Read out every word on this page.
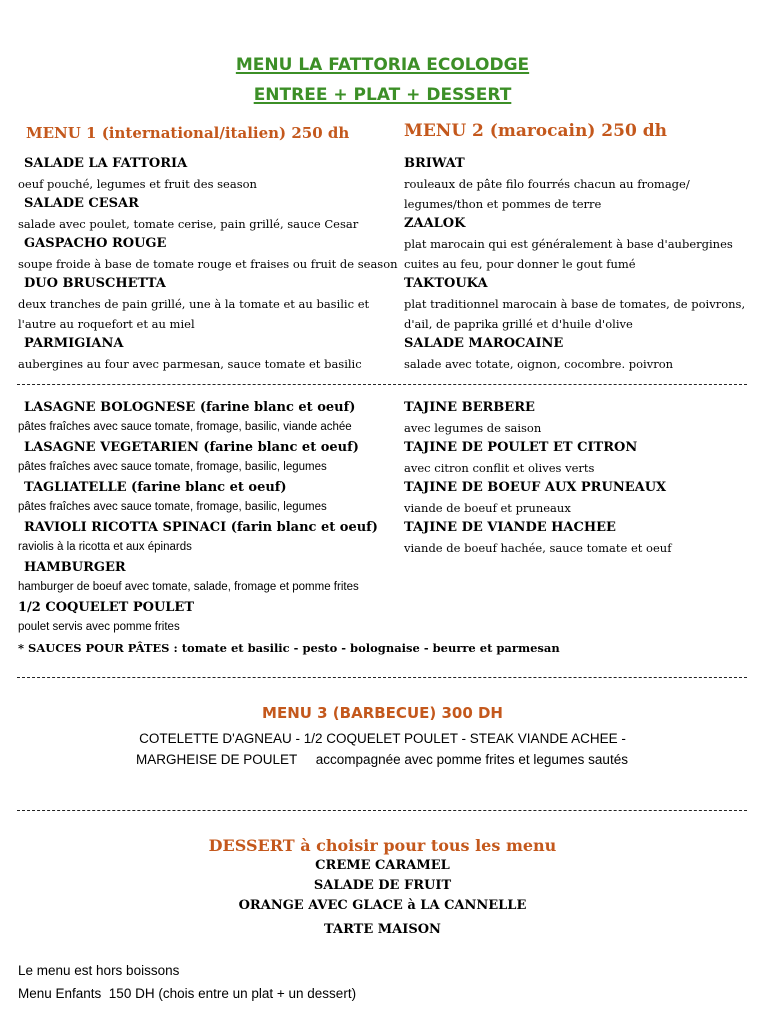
MENU LA FATTORIA ECOLODGE
ENTREE + PLAT + DESSERT
MENU 1 (international/italien) 250 dh	MENU 2 (marocain) 250 dh
SALADE LA FATTORIA
oeuf pouché, legumes et fruit des season
SALADE CESAR
salade avec poulet, tomate cerise, pain grillé, sauce Cesar
GASPACHO ROUGE
soupe froide à base de tomate rouge et fraises ou fruit de season
DUO BRUSCHETTA
deux tranches de pain grillé, une à la tomate et au basilic et
l'autre au roquefort et au miel
PARMIGIANA
aubergines au four avec parmesan, sauce tomate et basilic
BRIWAT
rouleaux de pâte filo fourrés chacun au fromage/
legumes/thon et pommes de terre
ZAALOK
plat marocain qui est généralement à base d'aubergines
cuites au feu, pour donner le gout fumé
TAKTOUKA
plat traditionnel marocain à base de tomates, de poivrons,
d'ail, de paprika grillé et d'huile d'olive
SALADE MAROCAINE
salade avec totate, oignon, cocombre. poivron
LASAGNE BOLOGNESE (farine blanc et oeuf)
pâtes fraîches avec sauce tomate, fromage, basilic, viande achée
LASAGNE VEGETARIEN (farine blanc et oeuf)
pâtes fraîches avec sauce tomate, fromage, basilic, legumes
TAGLIATELLE (farine blanc et oeuf)
pâtes fraîches avec sauce tomate, fromage, basilic, legumes
RAVIOLI RICOTTA SPINACI (farin blanc et oeuf)
raviolis à la ricotta et aux épinards
HAMBURGER
hamburger de boeuf avec tomate, salade, fromage et pomme frites
1/2 COQUELET POULET
poulet servis avec pomme frites
* SAUCES POUR PÂTES : tomate et basilic - pesto - bolognaise - beurre et parmesan
TAJINE BERBERE
avec legumes de saison
TAJINE DE POULET ET CITRON
avec citron conflit et olives verts
TAJINE DE BOEUF AUX PRUNEAUX
viande de boeuf et pruneaux
TAJINE DE VIANDE HACHEE
viande de boeuf hachée, sauce tomate et oeuf
MENU 3 (BARBECUE) 300 DH
COTELETTE D'AGNEAU - 1/2 COQUELET POULET - STEAK VIANDE ACHEE -
MARGHEISE DE POULET     accompagnée avec pomme frites et legumes sautés
DESSERT à choisir pour tous les menu
CREME CARAMEL
SALADE DE FRUIT
ORANGE AVEC GLACE à LA CANNELLE
TARTE MAISON
Le menu est hors boissons
Menu Enfants  150 DH (chois entre un plat + un dessert)
